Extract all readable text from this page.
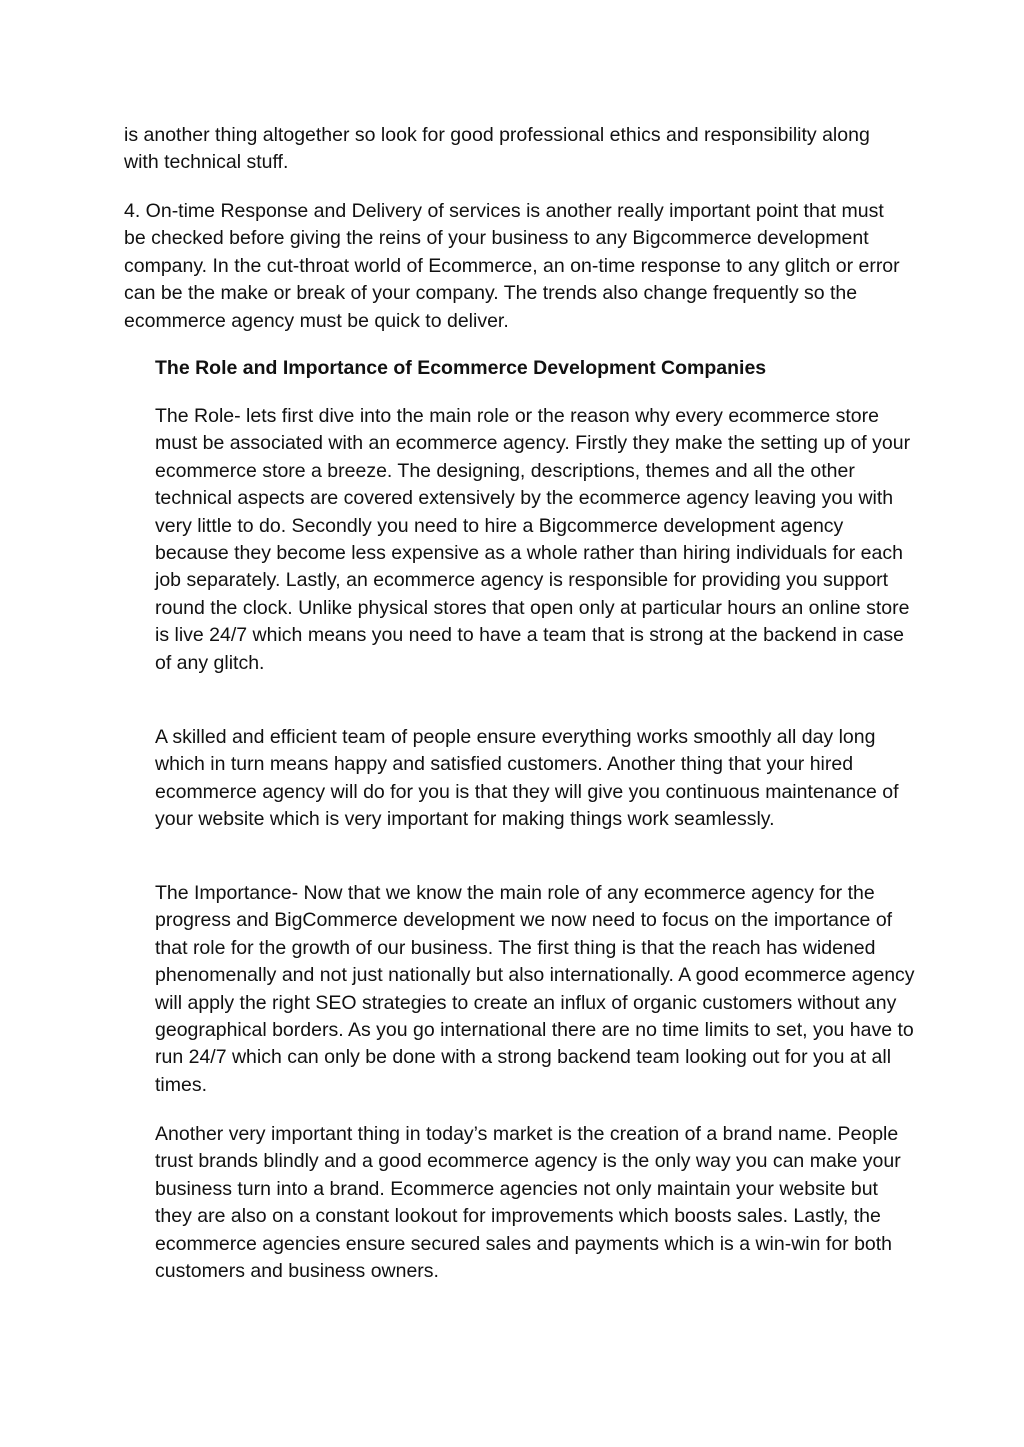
is another thing altogether so look for good professional ethics and responsibility along with technical stuff.

4. On-time Response and Delivery of services is another really important point that must be checked before giving the reins of your business to any Bigcommerce development company. In the cut-throat world of Ecommerce, an on-time response to any glitch or error can be the make or break of your company. The trends also change frequently so the ecommerce agency must be quick to deliver.

The Role and Importance of Ecommerce Development Companies

The Role- lets first dive into the main role or the reason why every ecommerce store must be associated with an ecommerce agency. Firstly they make the setting up of your ecommerce store a breeze. The designing, descriptions, themes and all the other technical aspects are covered extensively by the ecommerce agency leaving you with very little to do. Secondly you need to hire a Bigcommerce development agency because they become less expensive as a whole rather than hiring individuals for each job separately. Lastly, an ecommerce agency is responsible for providing you support round the clock. Unlike physical stores that open only at particular hours an online store is live 24/7 which means you need to have a team that is strong at the backend in case of any glitch.

A skilled and efficient team of people ensure everything works smoothly all day long which in turn means happy and satisfied customers. Another thing that your hired ecommerce agency will do for you is that they will give you continuous maintenance of your website which is very important for making things work seamlessly.

The Importance- Now that we know the main role of any ecommerce agency for the progress and BigCommerce development we now need to focus on the importance of that role for the growth of our business. The first thing is that the reach has widened phenomenally and not just nationally but also internationally. A good ecommerce agency will apply the right SEO strategies to create an influx of organic customers without any geographical borders. As you go international there are no time limits to set, you have to run 24/7 which can only be done with a strong backend team looking out for you at all times.

Another very important thing in today’s market is the creation of a brand name. People trust brands blindly and a good ecommerce agency is the only way you can make your business turn into a brand. Ecommerce agencies not only maintain your website but they are also on a constant lookout for improvements which boosts sales. Lastly, the ecommerce agencies ensure secured sales and payments which is a win-win for both customers and business owners.
